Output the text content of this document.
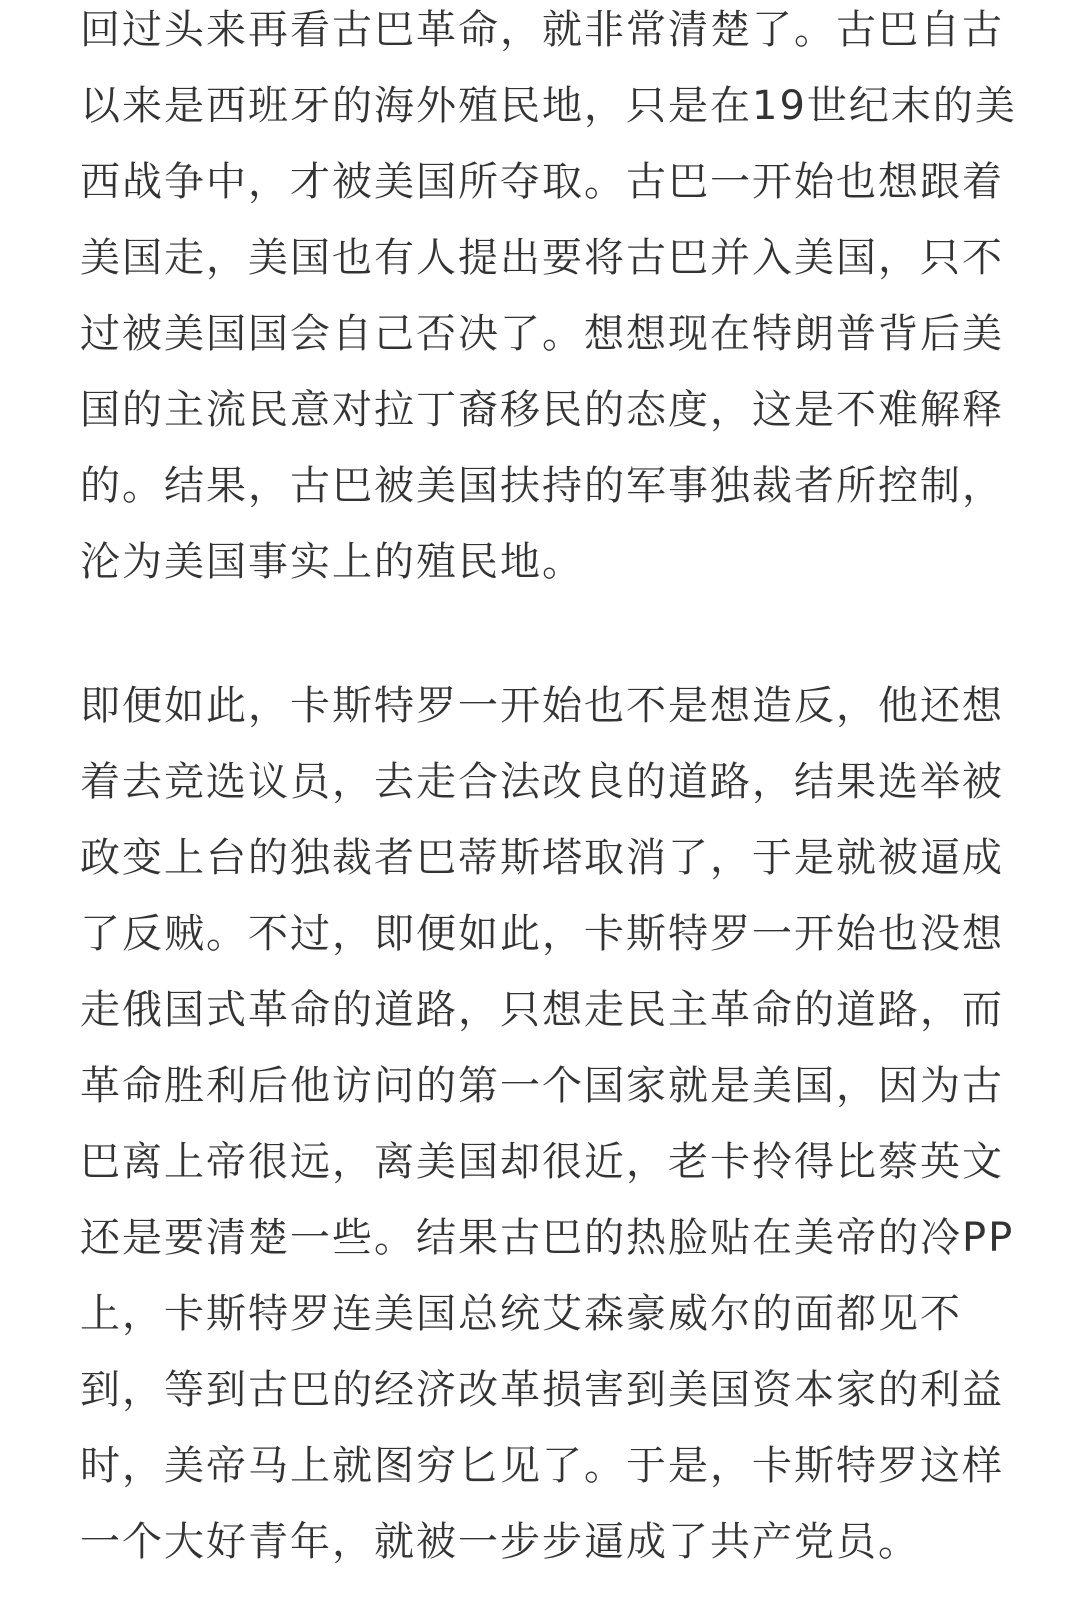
回过头来再看古巴革命，就非常清楚了。古巴自古
以来是西班牙的海外殖民地，只是在19世纪末的美
西战争中，才被美国所夺取。古巴一开始也想跟着
美国走，美国也有人提出要将古巴并入美国，只不
过被美国国会自己否决了。想想现在特朗普背后美
国的主流民意对拉丁裔移民的态度，这是不难解释
的。结果，古巴被美国扶持的军事独裁者所控制，
沦为美国事实上的殖民地。
即便如此，卡斯特罗一开始也不是想造反，他还想
着去竞选议员，去走合法改良的道路，结果选举被
政变上台的独裁者巴蒂斯塔取消了，于是就被逼成
了反贼。不过，即便如此，卡斯特罗一开始也没想
走俄国式革命的道路，只想走民主革命的道路，而
革命胜利后他访问的第一个国家就是美国，因为古
巴离上帝很远，离美国却很近，老卡拎得比蔡英文
还是要清楚一些。结果古巴的热脸贴在美帝的冷PP
上，卡斯特罗连美国总统艾森豪威尔的面都见不
到，等到古巴的经济改革损害到美国资本家的利益
时，美帝马上就图穷匕见了。于是，卡斯特罗这样
一个大好青年，就被一步步逼成了共产党员。
